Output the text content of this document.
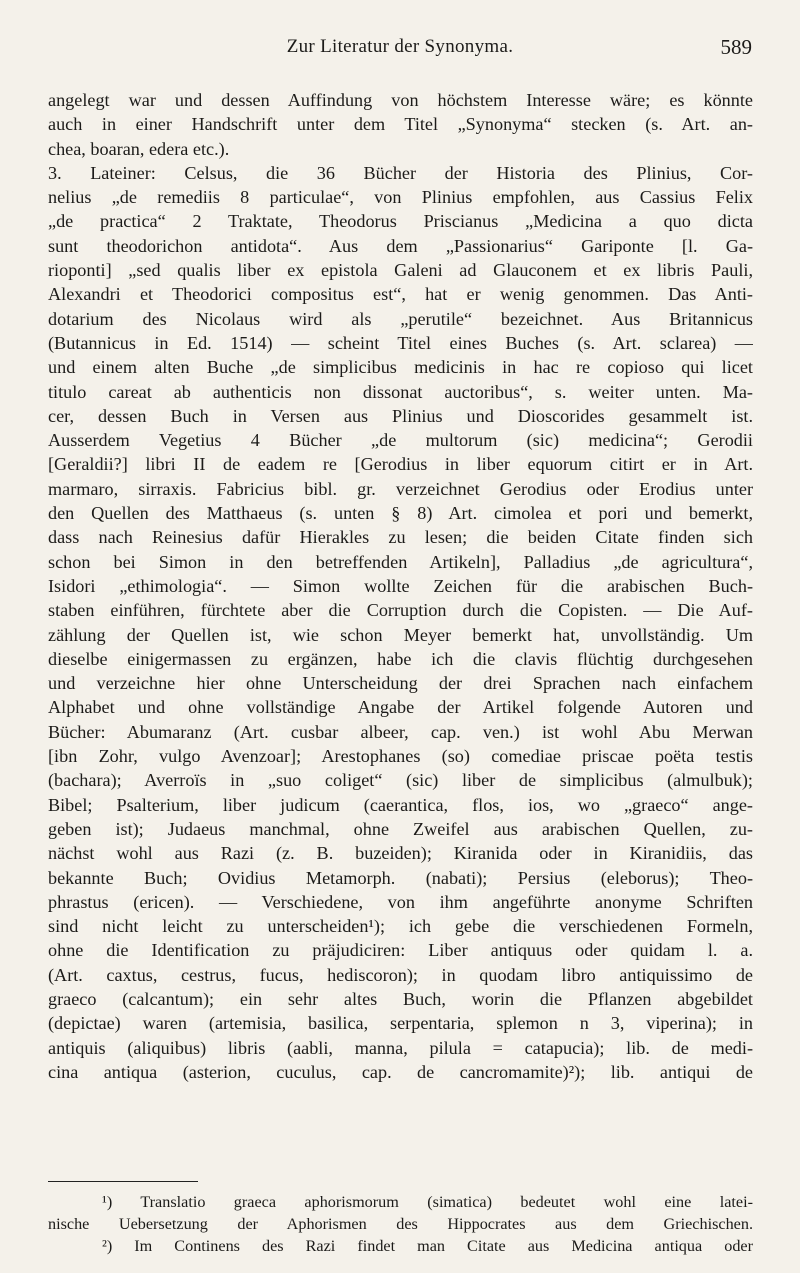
Zur Literatur der Synonyma.	589
angelegt war und dessen Auffindung von höchstem Interesse wäre; es könnte
auch in einer Handschrift unter dem Titel „Synonyma“ stecken (s. Art. an-
chea, boaran, edera etc.).
3. Lateiner: Celsus, die 36 Bücher der Historia des Plinius, Cor-
nelius „de remediis 8 particulae“, von Plinius empfohlen, aus Cassius Felix
„de practica“ 2 Traktate, Theodorus Priscianus „Medicina a quo dicta
sunt theodorichon antidota“. Aus dem „Passionarius“ Gariponte [l. Ga-
rioponti] „sed qualis liber ex epistola Galeni ad Glauconem et ex libris Pauli,
Alexandri et Theodorici compositus est“, hat er wenig genommen. Das Anti-
dotarium des Nicolaus wird als „perutile“ bezeichnet. Aus Britannicus
(Butannicus in Ed. 1514) — scheint Titel eines Buches (s. Art. sclarea) —
und einem alten Buche „de simplicibus medicinis in hac re copioso qui licet
titulo careat ab authenticis non dissonat auctoribus“, s. weiter unten. Ma-
cer, dessen Buch in Versen aus Plinius und Dioscorides gesammelt ist.
Ausserdem Vegetius 4 Bücher „de multorum (sic) medicina“; Gerodii
[Geraldii?] libri II de eadem re [Gerodius in liber equorum citirt er in Art.
marmaro, sirraxis. Fabricius bibl. gr. verzeichnet Gerodius oder Erodius unter
den Quellen des Matthaeus (s. unten § 8) Art. cimolea et pori und bemerkt,
dass nach Reinesius dafür Hierakles zu lesen; die beiden Citate finden sich
schon bei Simon in den betreffenden Artikeln], Palladius „de agricultura“,
Isidori „ethimologia“. — Simon wollte Zeichen für die arabischen Buch-
staben einführen, fürchtete aber die Corruption durch die Copisten. — Die Auf-
zählung der Quellen ist, wie schon Meyer bemerkt hat, unvollständig. Um
dieselbe einigermassen zu ergänzen, habe ich die clavis flüchtig durchgesehen
und verzeichne hier ohne Unterscheidung der drei Sprachen nach einfachem
Alphabet und ohne vollständige Angabe der Artikel folgende Autoren und
Bücher: Abumaranz (Art. cusbar albeer, cap. ven.) ist wohl Abu Merwan
[ibn Zohr, vulgo Avenzoar]; Arestophanes (so) comediae priscae poëta testis
(bachara); Averroïs in „suo coliget“ (sic) liber de simplicibus (almulbuk);
Bibel; Psalterium, liber judicum (caerantica, flos, ios, wo „graeco“ ange-
geben ist); Judaeus manchmal, ohne Zweifel aus arabischen Quellen, zu-
nächst wohl aus Razi (z. B. buzeiden); Kiranida oder in Kiranidiis, das
bekannte Buch; Ovidius Metamorph. (nabati); Persius (eleborus); Theo-
phrastus (ericen). — Verschiedene, von ihm angeführte anonyme Schriften
sind nicht leicht zu unterscheiden¹); ich gebe die verschiedenen Formeln,
ohne die Identification zu präjudiciren: Liber antiquus oder quidam l. a.
(Art. caxtus, cestrus, fucus, hediscoron); in quodam libro antiquissimo de
graeco (calcantum); ein sehr altes Buch, worin die Pflanzen abgebildet
(depictae) waren (artemisia, basilica, serpentaria, splemon n 3, viperina); in
antiquis (aliquibus) libris (aabli, manna, pilula = catapucia); lib. de medi-
cina antiqua (asterion, cuculus, cap. de cancromamite)²); lib. antiqui de
¹) Translatio graeca aphorismorum (simatica) bedeutet wohl eine latei-
nische Uebersetzung der Aphorismen des Hippocrates aus dem Griechischen.
²) Im Continens des Razi findet man Citate aus Medicina antiqua oder
